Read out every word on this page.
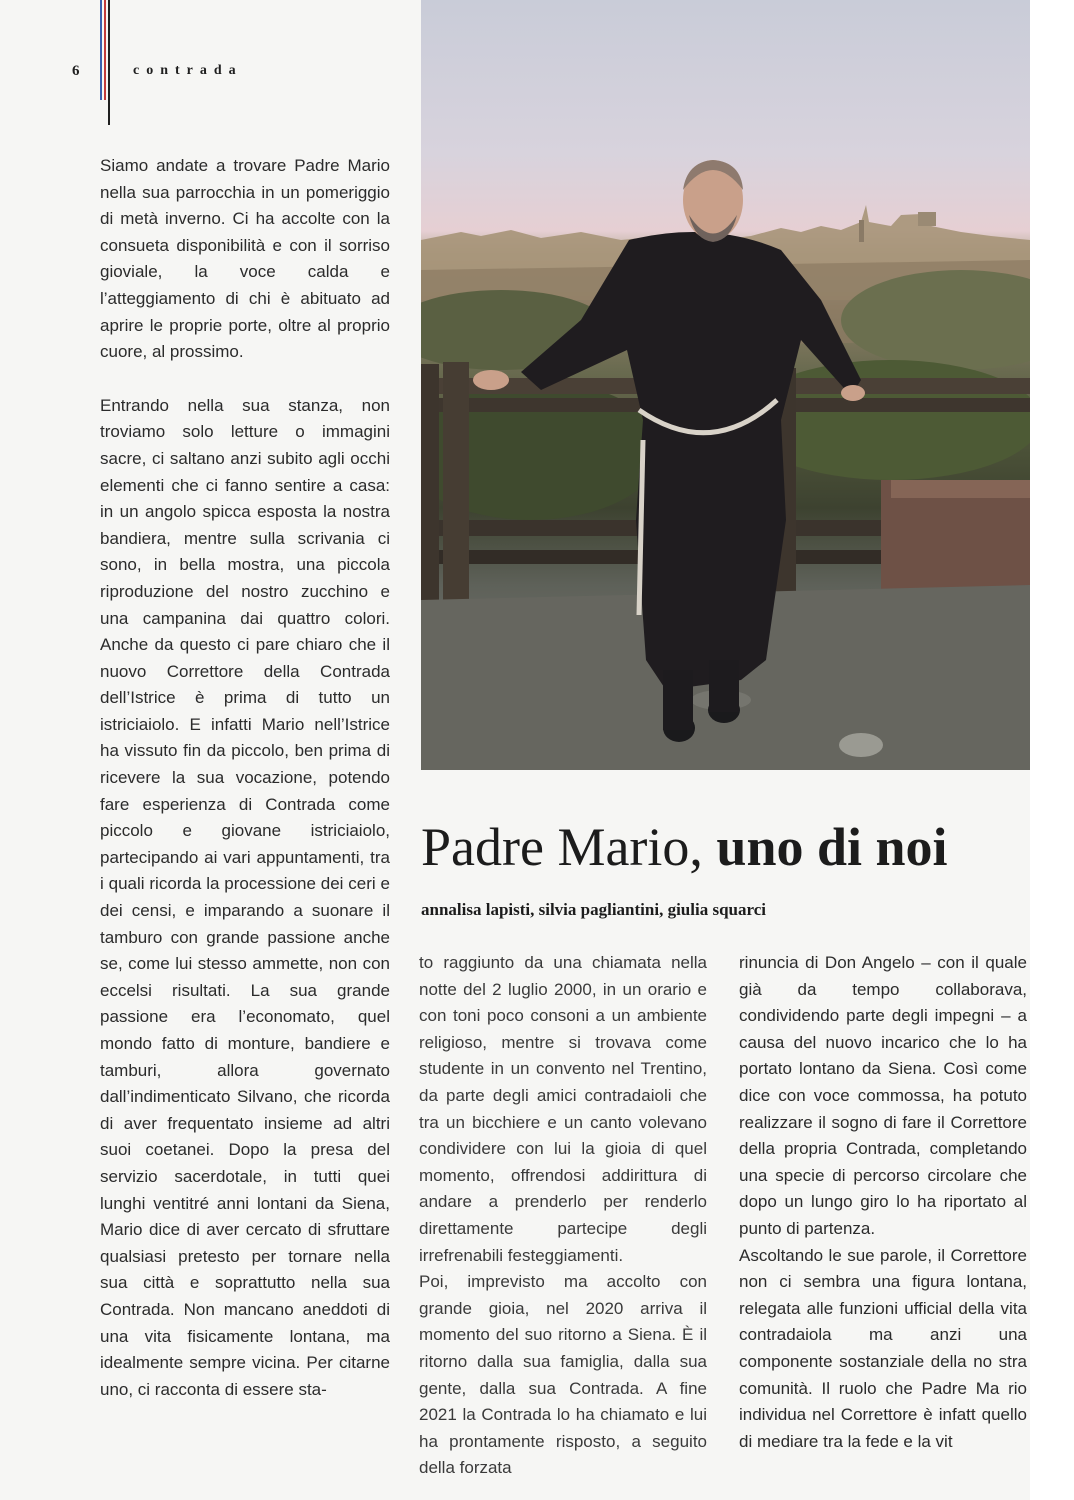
6	contrada

Siamo andate a trovare Padre Mario nella sua parrocchia in un pomeriggio di metà inverno. Ci ha accolte con la consueta disponibilità e con il sorriso gioviale, la voce calda e l’atteggiamento di chi è abituato ad aprire le proprie porte, oltre al proprio cuore, al prossimo.

Entrando nella sua stanza, non troviamo solo letture o immagini sacre, ci saltano anzi subito agli occhi elementi che ci fanno sentire a casa: in un angolo spicca esposta la nostra bandiera, mentre sulla scrivania ci sono, in bella mostra, una piccola riproduzione del nostro zucchino e una campanina dai quattro colori. Anche da questo ci pare chiaro che il nuovo Correttore della Contrada dell’Istrice è prima di tutto un istriciaiolo. E infatti Mario nell’Istrice ha vissuto fin da piccolo, ben prima di ricevere la sua vocazione, potendo fare esperienza di Contrada come piccolo e giovane istriciaiolo, partecipando ai vari appuntamenti, tra i quali ricorda la processione dei ceri e dei censi, e imparando a suonare il tamburo con grande passione anche se, come lui stesso ammette, non con eccelsi risultati. La sua grande passione era l’economato, quel mondo fatto di monture, bandiere e tamburi, allora governato dall’indimenticato Silvano, che ricorda di aver frequentato insieme ad altri suoi coetanei. Dopo la presa del servizio sacerdotale, in tutti quei lunghi ventitré anni lontani da Siena, Mario dice di aver cercato di sfruttare qualsiasi pretesto per tornare nella sua città e soprattutto nella sua Contrada. Non mancano aneddoti di una vita fisicamente lontana, ma idealmente sempre vicina. Per citarne uno, ci racconta di essere sta-

Padre Mario, uno di noi
annalisa lapisti, silvia pagliantini, giulia squarci

to raggiunto da una chiamata nella notte del 2 luglio 2000, in un orario e con toni poco consoni a un ambiente religioso, mentre si trovava come studente in un convento nel Trentino, da parte degli amici contradaioli che tra un bicchiere e un canto volevano condividere con lui la gioia di quel momento, offrendosi addirittura di andare a prenderlo per renderlo direttamente partecipe degli irrefrenabili festeggiamenti.

Poi, imprevisto ma accolto con grande gioia, nel 2020 arriva il momento del suo ritorno a Siena. È il ritorno dalla sua famiglia, dalla sua gente, dalla sua Contrada. A fine 2021 la Contrada lo ha chiamato e lui ha prontamente risposto, a seguito della forzata

rinuncia di Don Angelo – con il quale già da tempo collaborava, condividendo parte degli impegni – a causa del nuovo incarico che lo ha portato lontano da Siena. Così come dice con voce commossa, ha potuto realizzare il sogno di fare il Correttore della propria Contrada, completando una specie di percorso circolare che dopo un lungo giro lo ha riportato al punto di partenza.

Ascoltando le sue parole, il Correttore non ci sembra una figura lontana, relegata alle funzioni ufficial della vita contradaiola ma anzi una componente sostanziale della no stra comunità. Il ruolo che Padre Ma rio individua nel Correttore è infatt quello di mediare tra la fede e la vit
